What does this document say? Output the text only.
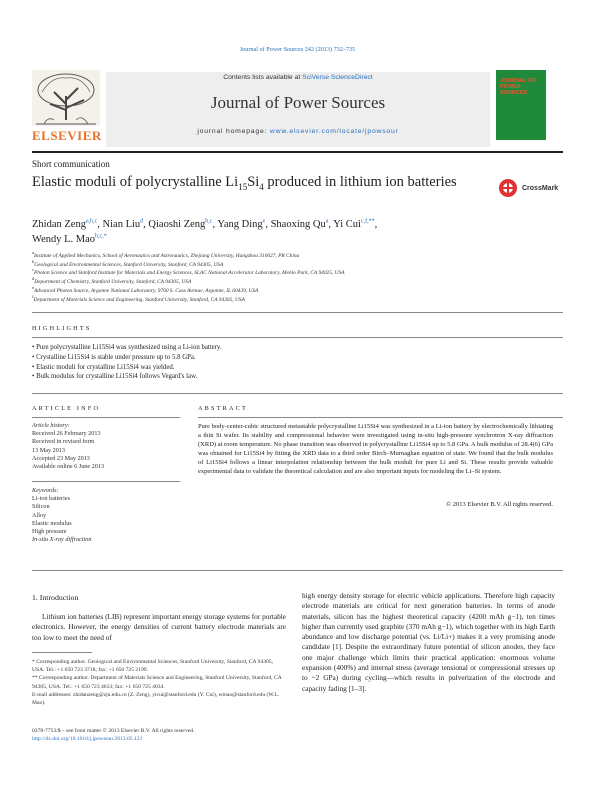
Journal of Power Sources 242 (2013) 732–735
ELSEVIER
Contents lists available at SciVerse ScienceDirect
Journal of Power Sources
journal homepage: www.elsevier.com/locate/jpowsour
JOURNAL OF POWER SOURCES
Short communication
Elastic moduli of polycrystalline $Li_{15}Si_4$ produced in lithium ion batteries	CrossMark
Zhidan Zeng$^{a,b,c}$, Nian Liu$^d$, Qiaoshi Zeng$^{b,c}$, Yang Ding$^e$, Shaoxing Qu$^a$, Yi Cui$^{c,f,**}$,
Wendy L. Mao$^{b,c,*}$
$^a$Institute of Applied Mechanics, School of Aeronautics and Astronautics, Zhejiang University, Hangzhou 310027, PR China
$^b$Geological and Environmental Sciences, Stanford University, Stanford, CA 94305, USA
$^c$Photon Science and Stanford Institute for Materials and Energy Sciences, SLAC National Accelerator Laboratory, Menlo Park, CA 94025, USA
$^d$Department of Chemistry, Stanford University, Stanford, CA 94305, USA
$^e$Advanced Photon Source, Argonne National Laboratory, 9700 S. Cass Avenue, Argonne, IL 60439, USA
$^f$Department of Materials Science and Engineering, Stanford University, Stanford, CA 94305, USA
HIGHLIGHTS
• Pure polycrystalline Li15Si4 was synthesized using a Li-ion battery.
• Crystalline Li15Si4 is stable under pressure up to 5.8 GPa.
• Elastic moduli for crystalline Li15Si4 was yielded.
• Bulk modulus for crystalline Li15Si4 follows Vegard's law.
ARTICLE INFO	ABSTRACT
Article history:
Received 26 February 2013
Received in revised form
13 May 2013
Accepted 23 May 2013
Available online 6 June 2013
Keywords:
Li-ion batteries
Silicon
Alloy
Elastic modulus
High pressure
In-situ X-ray diffraction
Pure body-center-cubic structured metastable polycrystalline Li15Si4 was synthesized in a Li-ion battery by electrochemically lithiating a thin Si wafer. Its stability and compressional behavior were investigated using in-situ high-pressure synchrotron X-ray diffraction (XRD) at room temperature. No phase transition was observed in polycrystalline Li15Si4 up to 5.8 GPa. A bulk modulus of 28.4(6) GPa was obtained for Li15Si4 by fitting the XRD data to a third order Birch–Murnaghan equation of state. We found that the bulk modulus of Li15Si4 follows a linear interpolation relationship between the bulk moduli for pure Li and Si. These results provide valuable experimental data to validate the theoretical calculation and are also important inputs for modeling the Li–Si system.
© 2013 Elsevier B.V. All rights reserved.
1. Introduction
Lithium ion batteries (LIB) represent important energy storage systems for portable electronics. However, the energy densities of current battery electrode materials are too low to meet the need of
high energy density storage for electric vehicle applications. Therefore high capacity electrode materials are critical for next generation batteries. In terms of anode materials, silicon has the highest theoretical capacity (4200 mAh g−1), ten times higher than currently used graphite (370 mAh g−1), which together with its high Earth abundance and low discharge potential (vs. Li/Li+) makes it a very promising anode candidate [1]. Despite the extraordinary future potential of silicon anodes, they face one major challenge which limits their practical application: enormous volume expansion (400%) and internal stress (average tensional or compressional stresses up to ~2 GPa) during cycling—which results in pulverization of the electrode and capacity fading [1–3].
* Corresponding author. Geological and Environmental Sciences, Stanford University, Stanford, CA 94305, USA. Tel.: +1 650 723 3718; fax: +1 650 725 2199.
** Corresponding author. Department of Materials Science and Engineering, Stanford University, Stanford, CA 94305, USA. Tel.: +1 650 723 4613; fax: +1 650 725 4034.
E-mail addresses: zhidanzeng@zju.edu.cn (Z. Zeng), yicui@stanford.edu (Y. Cui), wmao@stanford.edu (W.L. Mao).
0378-7753/$ – see front matter © 2013 Elsevier B.V. All rights reserved.
http://dx.doi.org/10.1016/j.jpowsour.2013.05.121
